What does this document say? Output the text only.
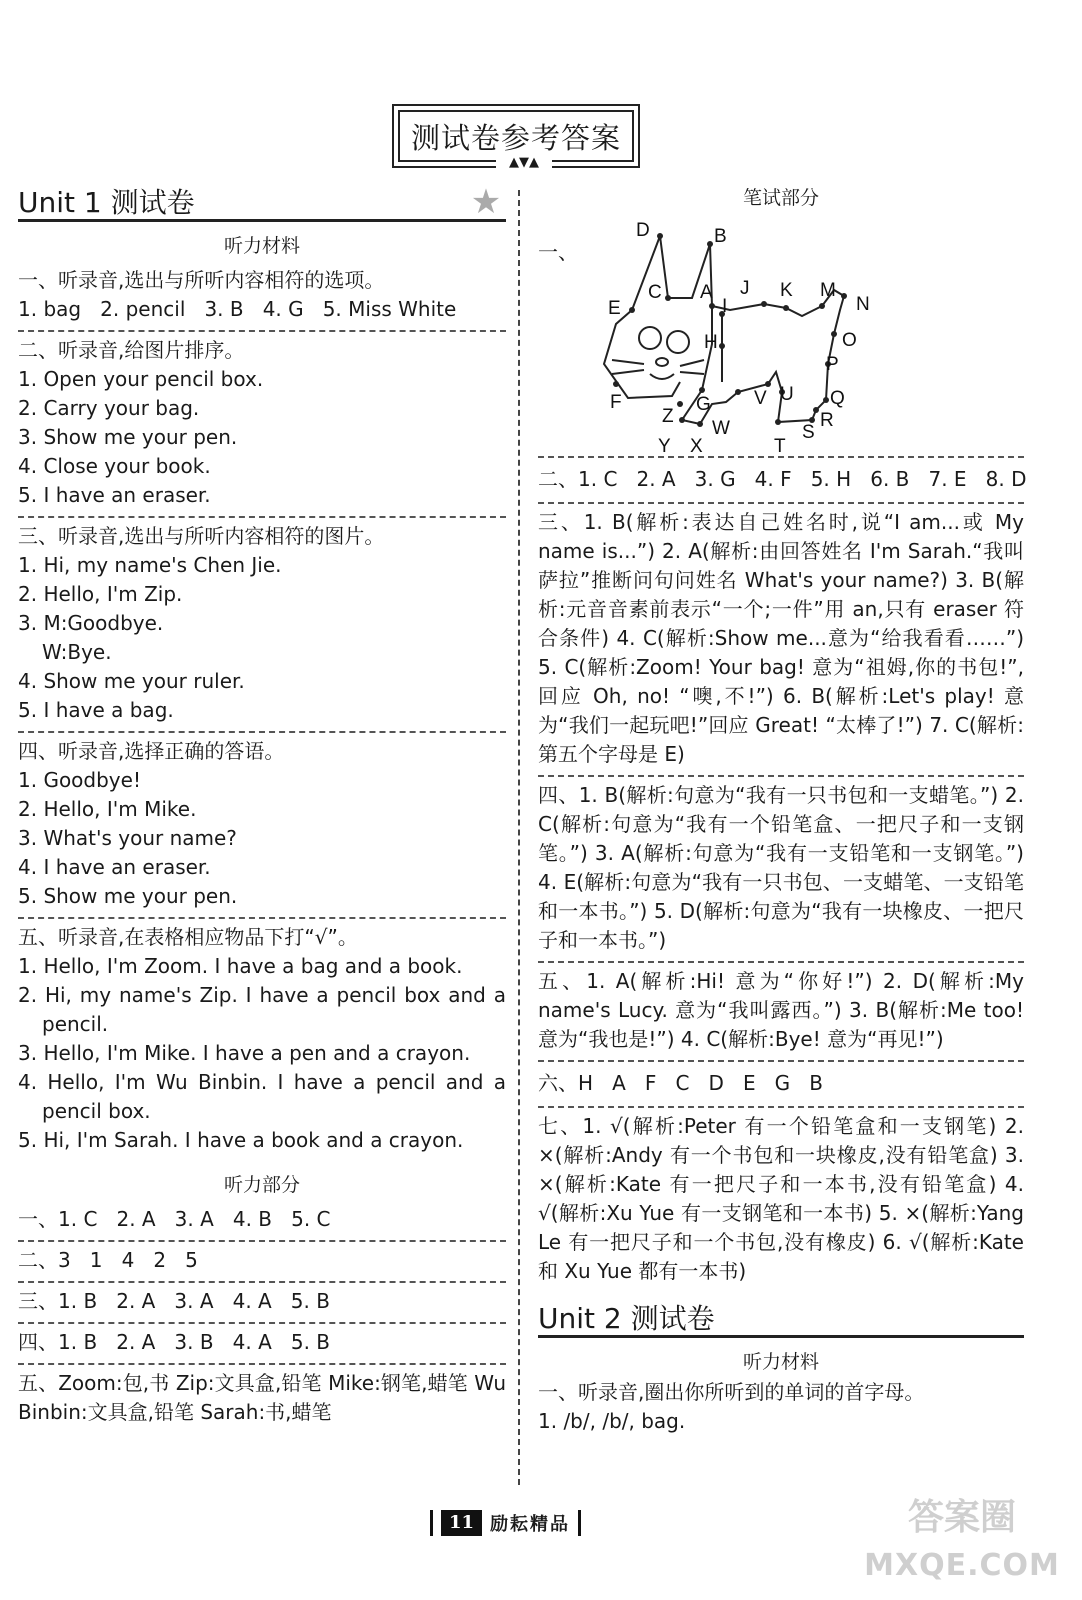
测试卷参考答案
▲▼▲
Unit 1 测试卷	★
听力材料
一、听录音,选出与所听内容相符的选项。
1. bag   2. pencil   3. B   4. G   5. Miss White
二、听录音,给图片排序。
1. Open your pencil box.
2. Carry your bag.
3. Show me your pen.
4. Close your book.
5. I have an eraser.
三、听录音,选出与所听内容相符的图片。
1. Hi, my name's Chen Jie.
2. Hello, I'm Zip.
3. M:Goodbye.
W:Bye.
4. Show me your ruler.
5. I have a bag.
四、听录音,选择正确的答语。
1. Goodbye!
2. Hello, I'm Mike.
3. What's your name?
4. I have an eraser.
5. Show me your pen.
五、听录音,在表格相应物品下打“√”。
1. Hello, I'm Zoom. I have a bag and a book.
2. Hi, my name's Zip. I have a pencil box and a pencil.
3. Hello, I'm Mike. I have a pen and a crayon.
4. Hello, I'm Wu Binbin. I have a pencil and a pencil box.
5. Hi, I'm Sarah. I have a book and a crayon.
听力部分
一、1. C   2. A   3. A   4. B   5. C
二、3   1   4   2   5
三、1. B   2. A   3. A   4. A   5. B
四、1. B   2. A   3. B   4. A   5. B
五、Zoom:包,书 Zip:文具盒,铅笔 Mike:钢笔,蜡笔 Wu Binbin:文具盒,铅笔 Sarah:书,蜡笔
笔试部分
一、
D	B
C A J K M
E	I	N
H	O
P
F	G	Q
V U
Z
W	R
Y X	T
S
二、1. C   2. A   3. G   4. F   5. H   6. B   7. E   8. D
三、1. B(解析:表达自己姓名时,说“I am...或 My name is...”) 2. A(解析:由回答姓名 I'm Sarah.“我叫萨拉”推断问句问姓名 What's your name?) 3. B(解析:元音音素前表示“一个;一件”用 an,只有 eraser 符合条件) 4. C(解析:Show me...意为“给我看看……”) 5. C(解析:Zoom! Your bag! 意为“祖姆,你的书包!”,回应 Oh, no! “噢,不!”) 6. B(解析:Let's play! 意为“我们一起玩吧!”回应 Great! “太棒了!”) 7. C(解析:第五个字母是 E)
四、1. B(解析:句意为“我有一只书包和一支蜡笔。”) 2. C(解析:句意为“我有一个铅笔盒、一把尺子和一支钢笔。”) 3. A(解析:句意为“我有一支铅笔和一支钢笔。”) 4. E(解析:句意为“我有一只书包、一支蜡笔、一支铅笔和一本书。”) 5. D(解析:句意为“我有一块橡皮、一把尺子和一本书。”)
五、1. A(解析:Hi! 意为“你好!”) 2. D(解析:My name's Lucy. 意为“我叫露西。”) 3. B(解析:Me too! 意为“我也是!”) 4. C(解析:Bye! 意为“再见!”)
六、H   A   F   C   D   E   G   B
七、1. √(解析:Peter 有一个铅笔盒和一支钢笔) 2. ×(解析:Andy 有一个书包和一块橡皮,没有铅笔盒) 3. ×(解析:Kate 有一把尺子和一本书,没有铅笔盒) 4. √(解析:Xu Yue 有一支钢笔和一本书) 5. ×(解析:Yang Le 有一把尺子和一个书包,没有橡皮) 6. √(解析:Kate 和 Xu Yue 都有一本书)
Unit 2 测试卷
听力材料
一、听录音,圈出你所听到的单词的首字母。
1. /b/, /b/, bag.
11 励耘精品	答案圈
MXQE.COM
